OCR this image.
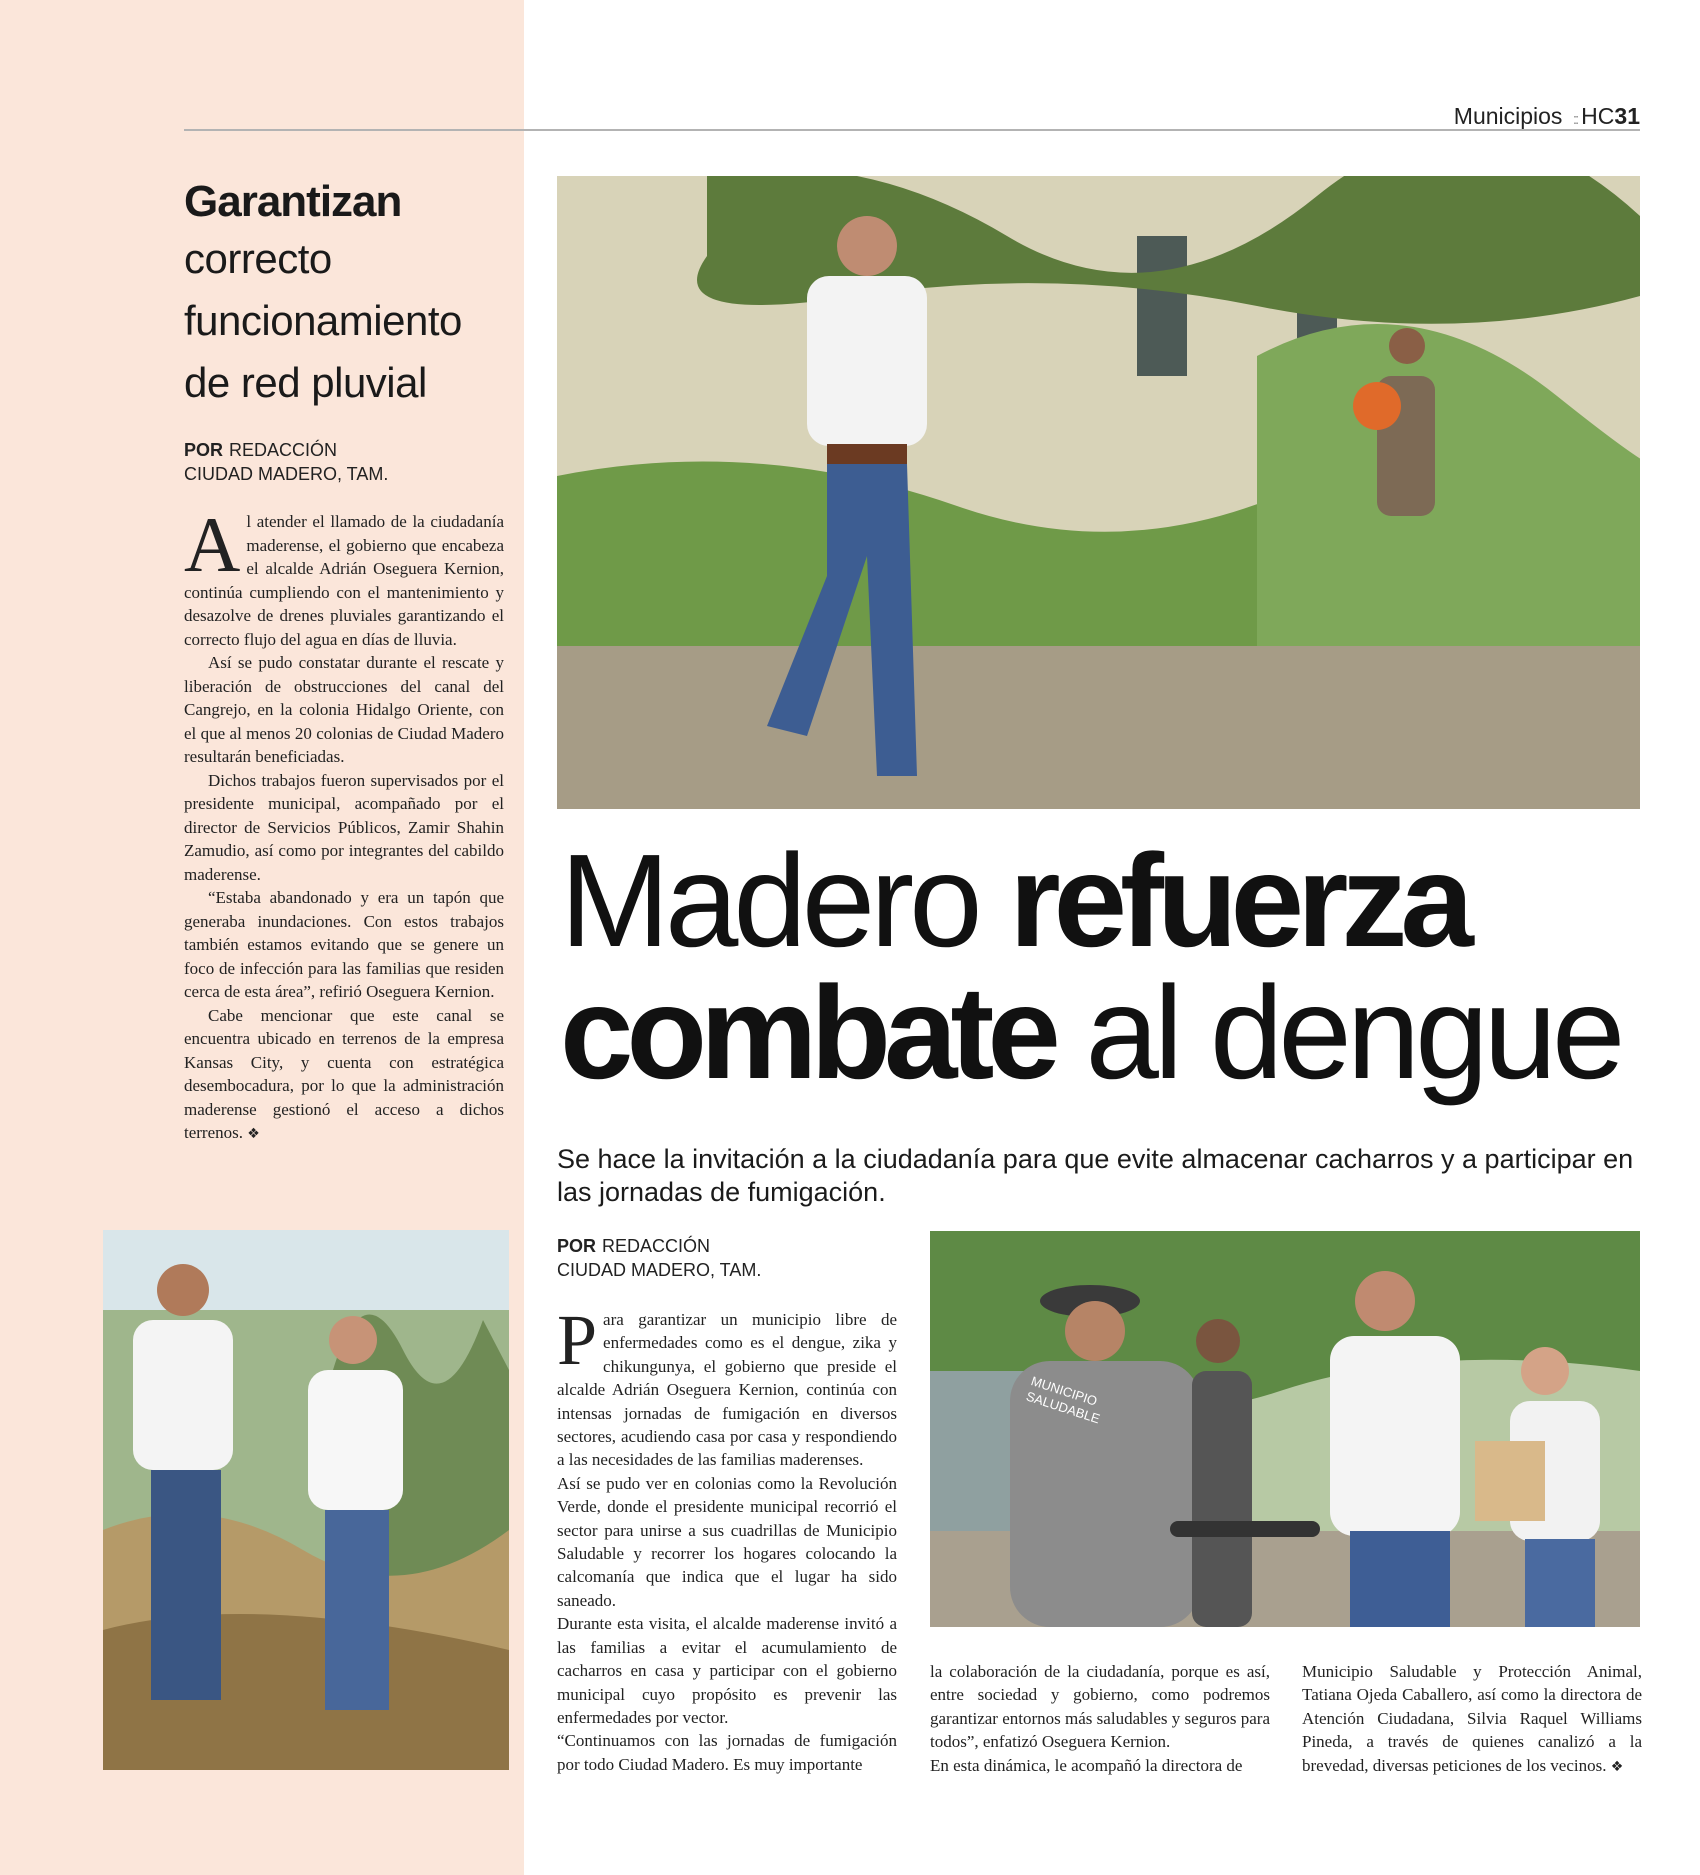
Municipios :: HC31
Garantizan
correcto funcionamiento de red pluvial
POR REDACCIÓN
CIUDAD MADERO, TAM.

Al atender el llamado de la ciudadanía maderense, el gobierno que encabeza el alcalde Adrián Oseguera Kernion, continúa cumpliendo con el mantenimiento y desazolve de drenes pluviales garantizando el correcto flujo del agua en días de lluvia.

Así se pudo constatar durante el rescate y liberación de obstrucciones del canal del Cangrejo, en la colonia Hidalgo Oriente, con el que al menos 20 colonias de Ciudad Madero resultarán beneficiadas.

Dichos trabajos fueron supervisados por el presidente municipal, acompañado por el director de Servicios Públicos, Zamir Shahin Zamudio, así como por integrantes del cabildo maderense.

“Estaba abandonado y era un tapón que generaba inundaciones. Con estos trabajos también estamos evitando que se genere un foco de infección para las familias que residen cerca de esta área”, refirió Oseguera Kernion.

Cabe mencionar que este canal se encuentra ubicado en terrenos de la empresa Kansas City, y cuenta con estratégica desembocadura, por lo que la administración maderense gestionó el acceso a dichos terrenos. ❖

Madero refuerza
combate al dengue
Se hace la invitación a la ciudadanía para que evite almacenar cacharros y a participar en las jornadas de fumigación.
POR REDACCIÓN
CIUDAD MADERO, TAM.

Para garantizar un municipio libre de enfermedades como es el dengue, zika y chikungunya, el gobierno que preside el alcalde Adrián Oseguera Kernion, continúa con intensas jornadas de fumigación en diversos sectores, acudiendo casa por casa y respondiendo a las necesidades de las familias maderenses.

Así se pudo ver en colonias como la Revolución Verde, donde el presidente municipal recorrió el sector para unirse a sus cuadrillas de Municipio Saludable y recorrer los hogares colocando la calcomanía que indica que el lugar ha sido saneado.

Durante esta visita, el alcalde maderense invitó a las familias a evitar el acumulamiento de cacharros en casa y participar con el gobierno municipal cuyo propósito es prevenir las enfermedades por vector.

“Continuamos con las jornadas de fumigación por todo Ciudad Madero. Es muy importante

MUNICIPIO SALUDABLE

la colaboración de la ciudadanía, porque es así, entre sociedad y gobierno, como podremos garantizar entornos más saludables y seguros para todos”, enfatizó Oseguera Kernion.

En esta dinámica, le acompañó la directora de

Municipio Saludable y Protección Animal, Tatiana Ojeda Caballero, así como la directora de Atención Ciudadana, Silvia Raquel Williams Pineda, a través de quienes canalizó a la brevedad, diversas peticiones de los vecinos. ❖
